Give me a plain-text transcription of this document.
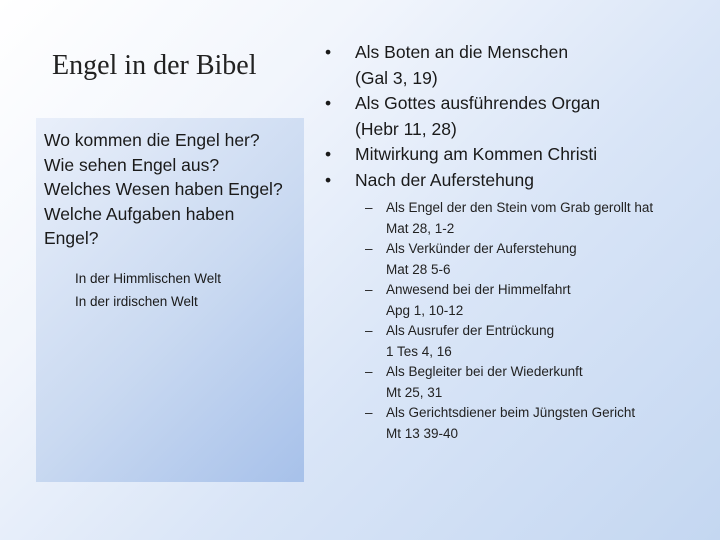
Engel in der Bibel
Wo kommen die Engel her?
Wie sehen Engel aus?
Welches Wesen haben Engel?
Welche Aufgaben haben
Engel?
In der Himmlischen Welt
In der irdischen Welt
• Als Boten an die Menschen
(Gal 3, 19)
• Als Gottes ausführendes Organ
(Hebr 11, 28)
• Mitwirkung am Kommen Christi
• Nach der Auferstehung
– Als Engel der den Stein vom Grab gerollt hat
Mat 28, 1-2
– Als Verkünder der Auferstehung
Mat 28 5-6
– Anwesend bei der Himmelfahrt
Apg 1, 10-12
– Als Ausrufer der Entrückung
1 Tes 4, 16
– Als Begleiter bei der Wiederkunft
Mt 25, 31
– Als Gerichtsdiener beim Jüngsten Gericht
Mt 13 39-40
